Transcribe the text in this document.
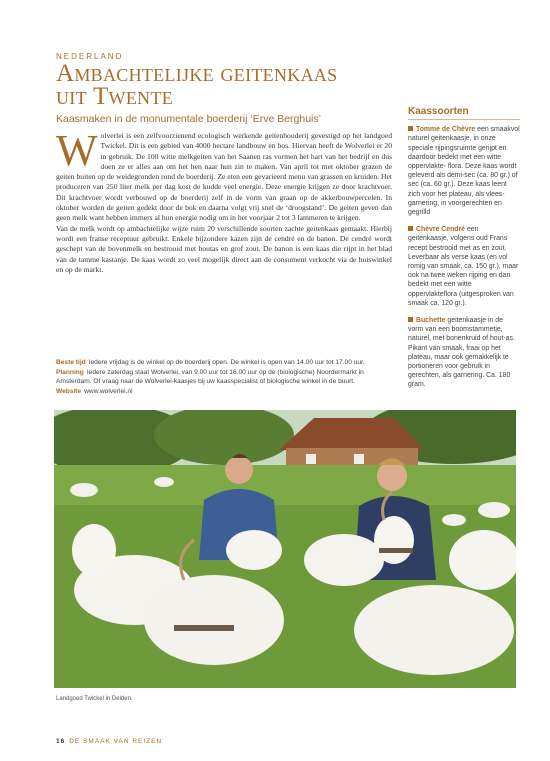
NEDERLAND
Ambachtelijke geitenkaas
uit Twente
Kaasmaken in de monumentale boerderij ‘Erve Berghuis’
W olverlei is een zelfvoorzienend ecologisch werkende geitenhouderij gevestigd op het landgoed Twickel. Dit is een gebied van 4000 hectare landbouw en bos. Hiervan heeft de Wolverlei er 20 in gebruik. De 100 witte melkgeiten van het Saanen ras vormen het hart van het bedrijf en dus doen ze er alles aan om het hen naar hun zin te maken. Van april tot met oktober grazen de geiten buiten op de weidegronden rond de boerderij. Ze eten een gevarieerd menu van grassen en kruiden. Het produceren van 250 liter melk per dag kost de kudde veel energie. Deze energie krijgen ze door krachtvoer. Dit krachtvoer wordt verbouwd op de boerderij zelf in de vorm van graan op de akkerbouwpercelen. In oktober worden de geiten gedekt door de bok en daarna volgt vrij snel de ‘droogstand’. De geiten geven dan geen melk want hebben immers al hun energie nodig om in het voorjaar 2 tot 3 lammeren te krijgen.

Van de melk wordt op ambachtelijke wijze ruim 20 verschillende soorten zachte geitenkaas gemaakt. Hierbij wordt een franse receptuur gebruikt. Enkele bijzondere kazen zijn de cendré en de banon. De cendré wordt geschept van de bovenmelk en bestrooid met houtas en grof zout. De banon is een kaas die rijpt in het blad van de tamme kastanje. De kaas wordt zo veel mogelijk direct aan de consument verkocht via de huiswinkel en op de markt.

Beste tijd Iedere vrijdag is de winkel op de boerderij open. De winkel is open van 14.00 uur tot 17.00 uur.
Planning Iedere zaterdag staat Wolverlei, van 9.00 uur tot 16.00 uur op de (biologische) Noordermarkt in Amsterdam. Of vraag naar de Wolverlei-kaasjes bij uw kaasspecialist of biologische winkel in de buurt.
Website www.wolverlei.nl
Kaassoorten
Tomme de Chèvre een smaakvol naturel geitenkaasje, in onze speciale rijpingsruimte gerijpt en daardoor bedekt met een witte oppervlakte- flora. Deze kaas wordt geleverd als demi-sec (ca. 80 gr.) of sec (ca. 60 gr.). Deze kaas leent zich voor het plateau, als vlees-garnering, in voorgerechten en gegrilld
Chèvre Cendré een geitenkaasje, volgens oud Frans recept bestrooid met as en zout. Leverbaar als verse kaas (en vol romig van smaak, ca. 150 gr.), maar ook na twee weken rijping en dan bedekt met een witte oppervlakteflora (uitgesproken van smaak ca. 120 gr.).
Buchette geitenkaasje in de vorm van een boomstammetje, naturel, met bonenkruid of hout-as. Pikant van smaak, fraai op het plateau, maar ook gemakkelijk te portioneren voor gebruik in gerechten, als garnering. Ca. 180 gram.
Landgoed Twickel in Delden.
16 DE SMAAK VAN REIZEN
